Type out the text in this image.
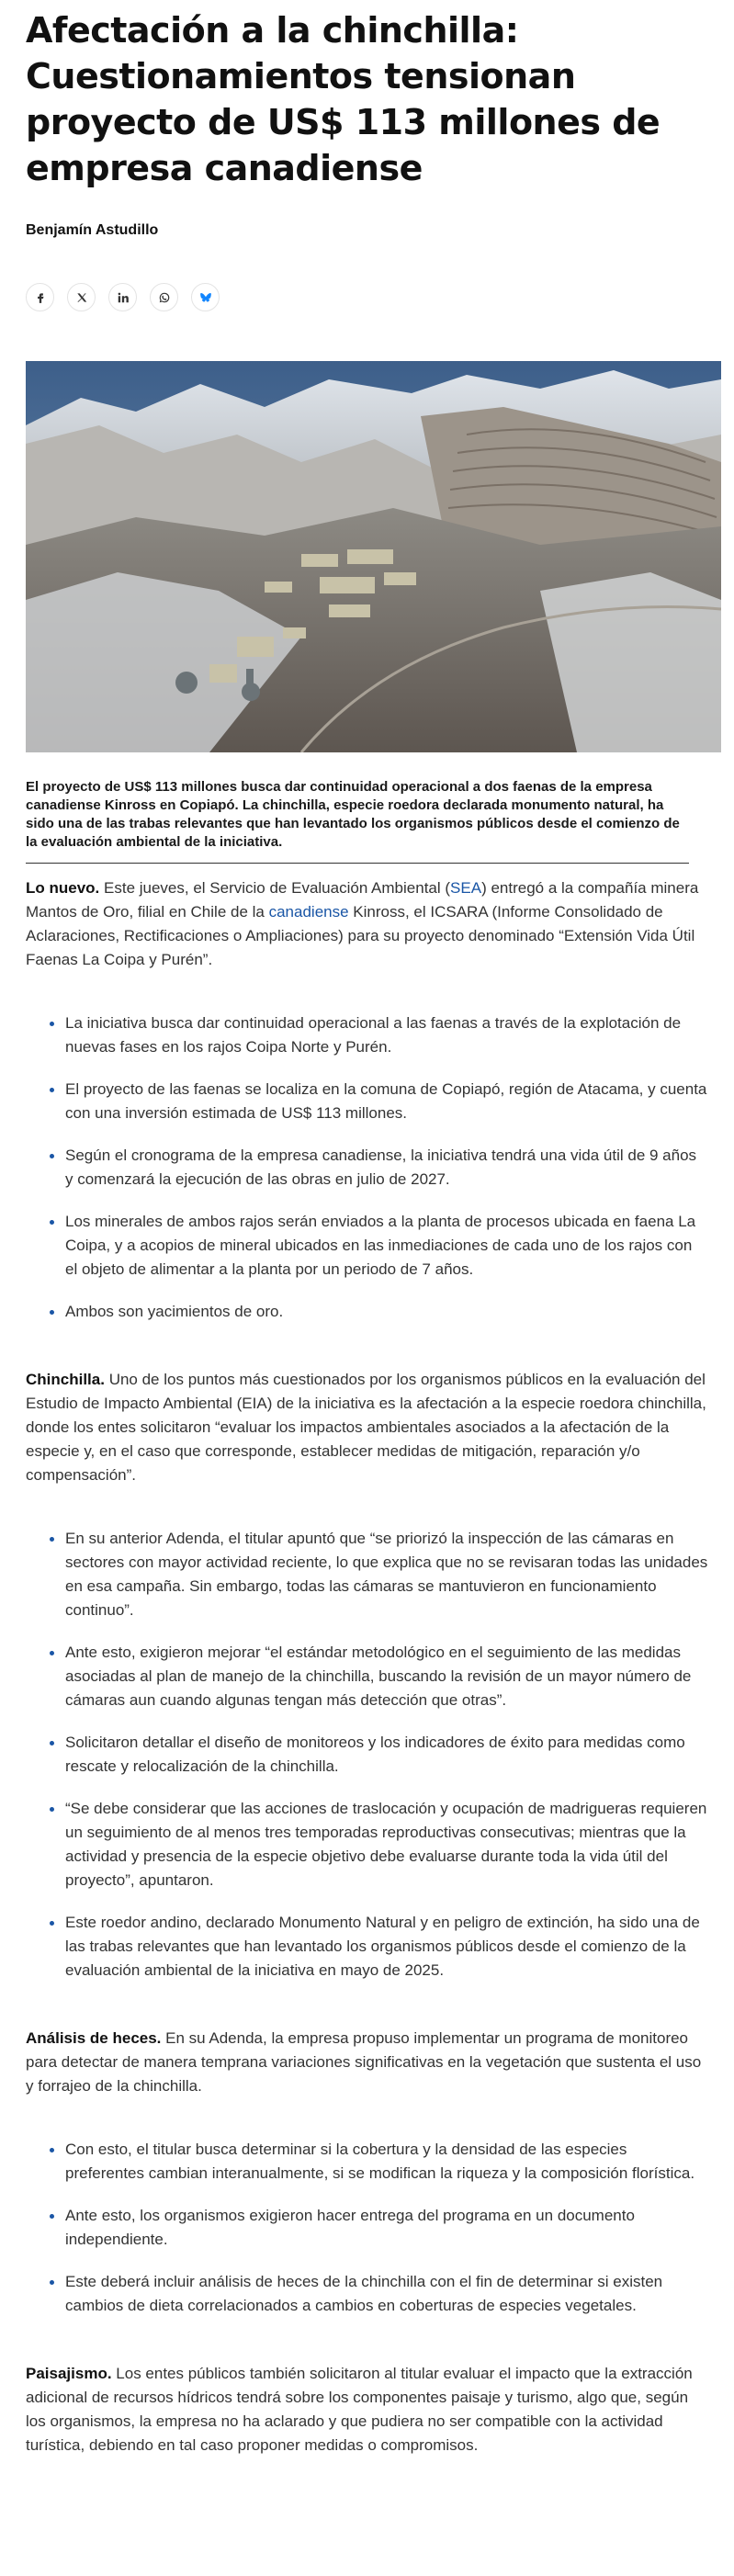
Afectación a la chinchilla: Cuestionamientos tensionan proyecto de US$ 113 millones de empresa canadiense
Benjamín Astudillo
El proyecto de US$ 113 millones busca dar continuidad operacional a dos faenas de la empresa canadiense Kinross en Copiapó. La chinchilla, especie roedora declarada monumento natural, ha sido una de las trabas relevantes que han levantado los organismos públicos desde el comienzo de la evaluación ambiental de la iniciativa.

Lo nuevo. Este jueves, el Servicio de Evaluación Ambiental (SEA) entregó a la compañía minera Mantos de Oro, filial en Chile de la canadiense Kinross, el ICSARA (Informe Consolidado de Aclaraciones, Rectificaciones o Ampliaciones) para su proyecto denominado “Extensión Vida Útil Faenas La Coipa y Purén”.

La iniciativa busca dar continuidad operacional a las faenas a través de la explotación de nuevas fases en los rajos Coipa Norte y Purén.
El proyecto de las faenas se localiza en la comuna de Copiapó, región de Atacama, y cuenta con una inversión estimada de US$ 113 millones.
Según el cronograma de la empresa canadiense, la iniciativa tendrá una vida útil de 9 años y comenzará la ejecución de las obras en julio de 2027.
Los minerales de ambos rajos serán enviados a la planta de procesos ubicada en faena La Coipa, y a acopios de mineral ubicados en las inmediaciones de cada uno de los rajos con el objeto de alimentar a la planta por un periodo de 7 años.
Ambos son yacimientos de oro.

Chinchilla. Uno de los puntos más cuestionados por los organismos públicos en la evaluación del Estudio de Impacto Ambiental (EIA) de la iniciativa es la afectación a la especie roedora chinchilla, donde los entes solicitaron “evaluar los impactos ambientales asociados a la afectación de la especie y, en el caso que corresponde, establecer medidas de mitigación, reparación y/o compensación”.

En su anterior Adenda, el titular apuntó que “se priorizó la inspección de las cámaras en sectores con mayor actividad reciente, lo que explica que no se revisaran todas las unidades en esa campaña. Sin embargo, todas las cámaras se mantuvieron en funcionamiento continuo”.
Ante esto, exigieron mejorar “el estándar metodológico en el seguimiento de las medidas asociadas al plan de manejo de la chinchilla, buscando la revisión de un mayor número de cámaras aun cuando algunas tengan más detección que otras”.
Solicitaron detallar el diseño de monitoreos y los indicadores de éxito para medidas como rescate y relocalización de la chinchilla.
“Se debe considerar que las acciones de traslocación y ocupación de madrigueras requieren un seguimiento de al menos tres temporadas reproductivas consecutivas; mientras que la actividad y presencia de la especie objetivo debe evaluarse durante toda la vida útil del proyecto”, apuntaron.
Este roedor andino, declarado Monumento Natural y en peligro de extinción, ha sido una de las trabas relevantes que han levantado los organismos públicos desde el comienzo de la evaluación ambiental de la iniciativa en mayo de 2025.

Análisis de heces. En su Adenda, la empresa propuso implementar un programa de monitoreo para detectar de manera temprana variaciones significativas en la vegetación que sustenta el uso y forrajeo de la chinchilla.

Con esto, el titular busca determinar si la cobertura y la densidad de las especies preferentes cambian interanualmente, si se modifican la riqueza y la composición florística.
Ante esto, los organismos exigieron hacer entrega del programa en un documento independiente.
Este deberá incluir análisis de heces de la chinchilla con el fin de determinar si existen cambios de dieta correlacionados a cambios en coberturas de especies vegetales.

Paisajismo. Los entes públicos también solicitaron al titular evaluar el impacto que la extracción adicional de recursos hídricos tendrá sobre los componentes paisaje y turismo, algo que, según los organismos, la empresa no ha aclarado y que pudiera no ser compatible con la actividad turística, debiendo en tal caso proponer medidas o compromisos.
